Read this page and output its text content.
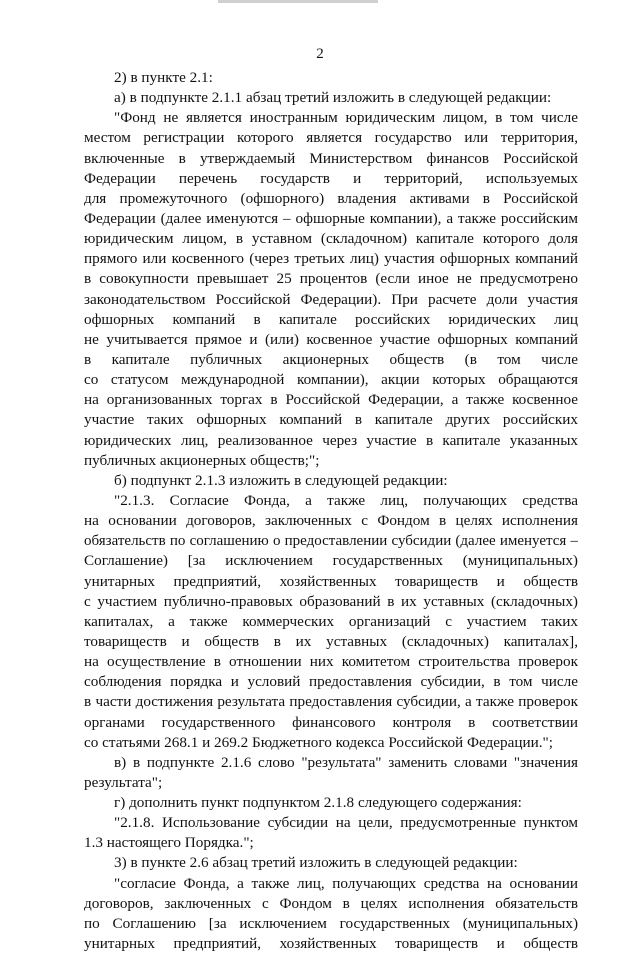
2
2) в пункте 2.1:
а) в подпункте 2.1.1 абзац третий изложить в следующей редакции:
"Фонд не является иностранным юридическим лицом, в том числе
местом регистрации которого является государство или территория,
включенные в утверждаемый Министерством финансов Российской
Федерации перечень государств и территорий, используемых
для промежуточного (офшорного) владения активами в Российской
Федерации (далее именуются – офшорные компании), а также российским
юридическим лицом, в уставном (складочном) капитале которого доля
прямого или косвенного (через третьих лиц) участия офшорных компаний
в совокупности превышает 25 процентов (если иное не предусмотрено
законодательством Российской Федерации). При расчете доли участия
офшорных компаний в капитале российских юридических лиц
не учитывается прямое и (или) косвенное участие офшорных компаний
в капитале публичных акционерных обществ (в том числе
со статусом международной компании), акции которых обращаются
на организованных торгах в Российской Федерации, а также косвенное
участие таких офшорных компаний в капитале других российских
юридических лиц, реализованное через участие в капитале указанных
публичных акционерных обществ;";
б) подпункт 2.1.3 изложить в следующей редакции:
"2.1.3. Согласие Фонда, а также лиц, получающих средства
на основании договоров, заключенных с Фондом в целях исполнения
обязательств по соглашению о предоставлении субсидии (далее именуется –
Соглашение) [за исключением государственных (муниципальных)
унитарных предприятий, хозяйственных товариществ и обществ
с участием публично-правовых образований в их уставных (складочных)
капиталах, а также коммерческих организаций с участием таких
товариществ и обществ в их уставных (складочных) капиталах],
на осуществление в отношении них комитетом строительства проверок
соблюдения порядка и условий предоставления субсидии, в том числе
в части достижения результата предоставления субсидии, а также проверок
органами государственного финансового контроля в соответствии
со статьями 268.1 и 269.2 Бюджетного кодекса Российской Федерации.";
в) в подпункте 2.1.6 слово "результата" заменить словами "значения
результата";
г) дополнить пункт подпунктом 2.1.8 следующего содержания:
"2.1.8. Использование субсидии на цели, предусмотренные пунктом
1.3 настоящего Порядка.";
3) в пункте 2.6 абзац третий изложить в следующей редакции:
"согласие Фонда, а также лиц, получающих средства на основании
договоров, заключенных с Фондом в целях исполнения обязательств
по Соглашению [за исключением государственных (муниципальных)
унитарных предприятий, хозяйственных товариществ и обществ
